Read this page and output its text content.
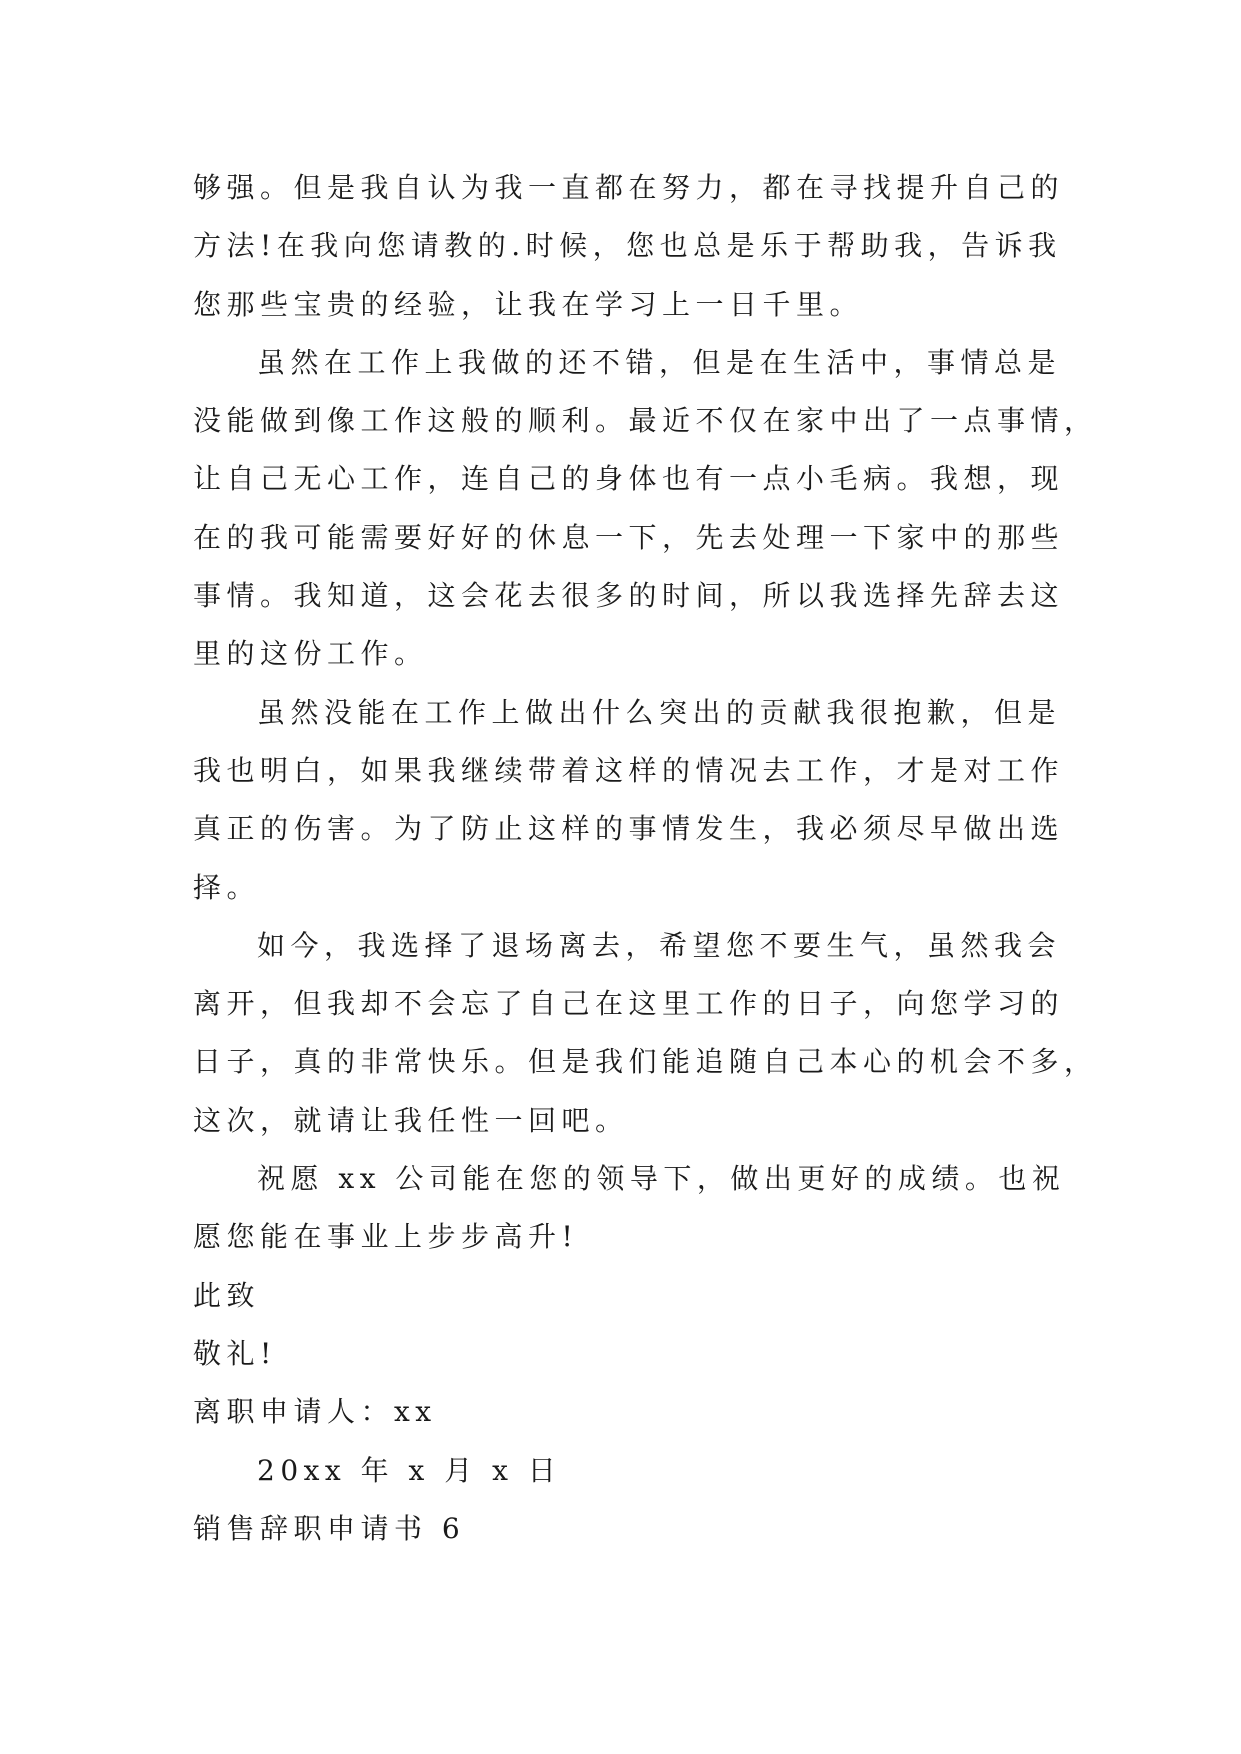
够强。但是我自认为我一直都在努力，都在寻找提升自己的
方法!在我向您请教的.时候，您也总是乐于帮助我，告诉我
您那些宝贵的经验，让我在学习上一日千里。
虽然在工作上我做的还不错，但是在生活中，事情总是
没能做到像工作这般的顺利。最近不仅在家中出了一点事情，
让自己无心工作，连自己的身体也有一点小毛病。我想，现
在的我可能需要好好的休息一下，先去处理一下家中的那些
事情。我知道，这会花去很多的时间，所以我选择先辞去这
里的这份工作。
虽然没能在工作上做出什么突出的贡献我很抱歉，但是
我也明白，如果我继续带着这样的情况去工作，才是对工作
真正的伤害。为了防止这样的事情发生，我必须尽早做出选
择。
如今，我选择了退场离去，希望您不要生气，虽然我会
离开，但我却不会忘了自己在这里工作的日子，向您学习的
日子，真的非常快乐。但是我们能追随自己本心的机会不多，
这次，就请让我任性一回吧。
祝愿 xx 公司能在您的领导下，做出更好的成绩。也祝
愿您能在事业上步步高升!
此致
敬礼!
离职申请人：xx
20xx 年 x 月 x 日
销售辞职申请书 6
